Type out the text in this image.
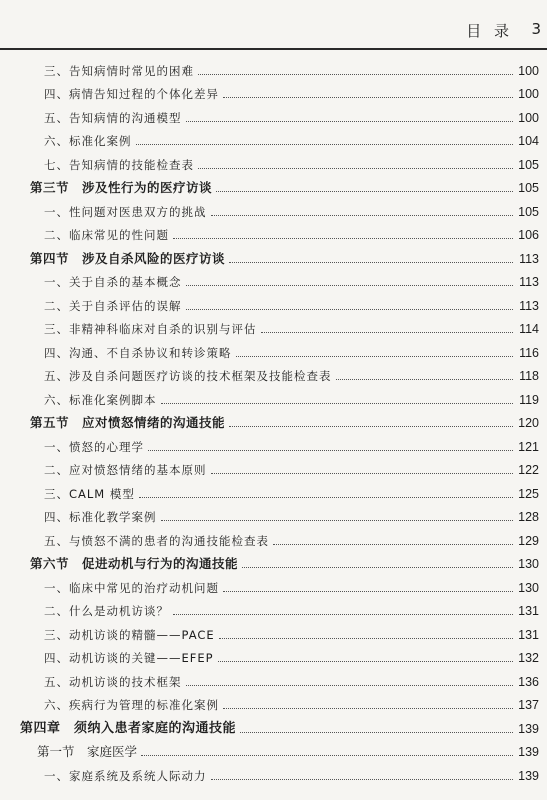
目 录 3
三、告知病情时常见的困难	100
四、病情告知过程的个体化差异	100
五、告知病情的沟通模型	100
六、标准化案例	104
七、告知病情的技能检查表	105
第三节　涉及性行为的医疗访谈	105
一、性问题对医患双方的挑战	105
二、临床常见的性问题	106
第四节　涉及自杀风险的医疗访谈	113
一、关于自杀的基本概念	113
二、关于自杀评估的误解	113
三、非精神科临床对自杀的识别与评估	114
四、沟通、不自杀协议和转诊策略	116
五、涉及自杀问题医疗访谈的技术框架及技能检查表	118
六、标准化案例脚本	119
第五节　应对愤怒情绪的沟通技能	120
一、愤怒的心理学	121
二、应对愤怒情绪的基本原则	122
三、CALM 模型	125
四、标准化教学案例	128
五、与愤怒不满的患者的沟通技能检查表	129
第六节　促进动机与行为的沟通技能	130
一、临床中常见的治疗动机问题	130
二、什么是动机访谈？	131
三、动机访谈的精髓——PACE	131
四、动机访谈的关键——EFEP	132
五、动机访谈的技术框架	136
六、疾病行为管理的标准化案例	137
第四章　须纳入患者家庭的沟通技能	139
第一节　家庭医学	139
一、家庭系统及系统人际动力	139
